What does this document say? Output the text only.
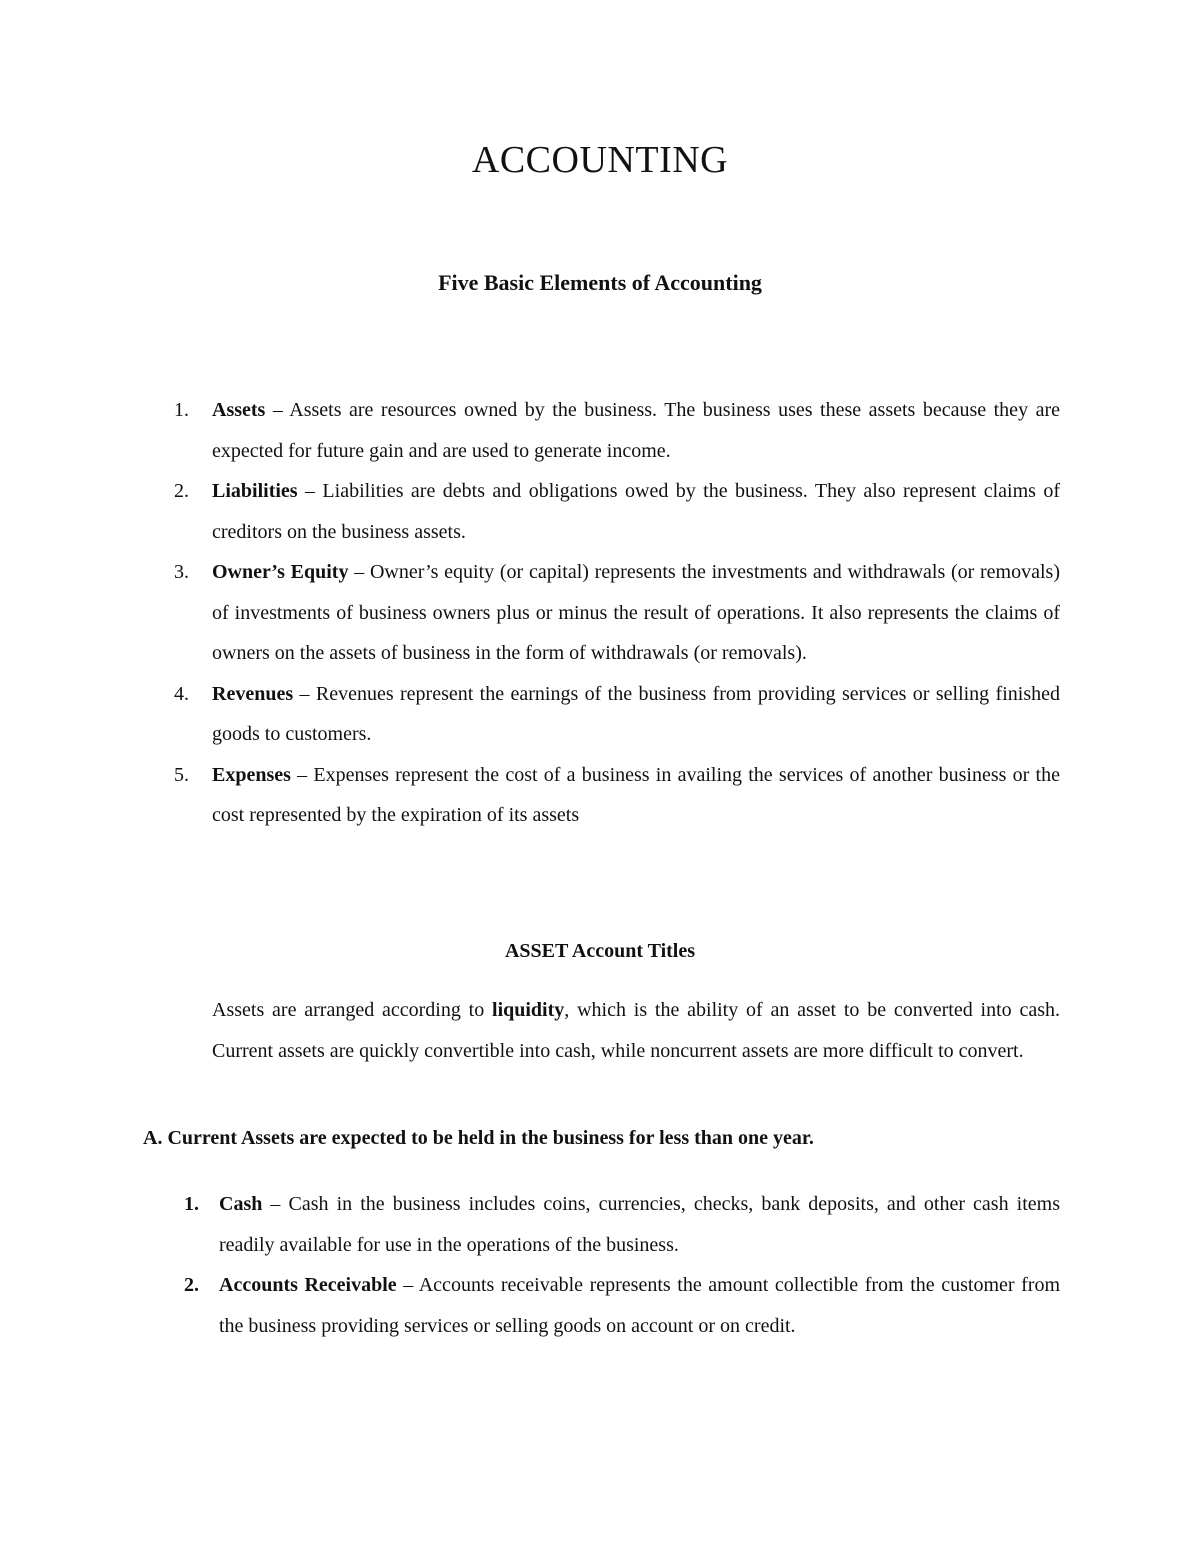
ACCOUNTING
Five Basic Elements of Accounting
1. Assets – Assets are resources owned by the business. The business uses these assets because they are expected for future gain and are used to generate income.
2. Liabilities – Liabilities are debts and obligations owed by the business. They also represent claims of creditors on the business assets.
3. Owner’s Equity – Owner’s equity (or capital) represents the investments and withdrawals (or removals) of investments of business owners plus or minus the result of operations. It also represents the claims of owners on the assets of business in the form of withdrawals (or removals).
4. Revenues – Revenues represent the earnings of the business from providing services or selling finished goods to customers.
5. Expenses – Expenses represent the cost of a business in availing the services of another business or the cost represented by the expiration of its assets
ASSET Account Titles

Assets are arranged according to liquidity, which is the ability of an asset to be converted into cash. Current assets are quickly convertible into cash, while noncurrent assets are more difficult to convert.

A. Current Assets are expected to be held in the business for less than one year.

1. Cash – Cash in the business includes coins, currencies, checks, bank deposits, and other cash items readily available for use in the operations of the business.
2. Accounts Receivable – Accounts receivable represents the amount collectible from the customer from the business providing services or selling goods on account or on credit.
